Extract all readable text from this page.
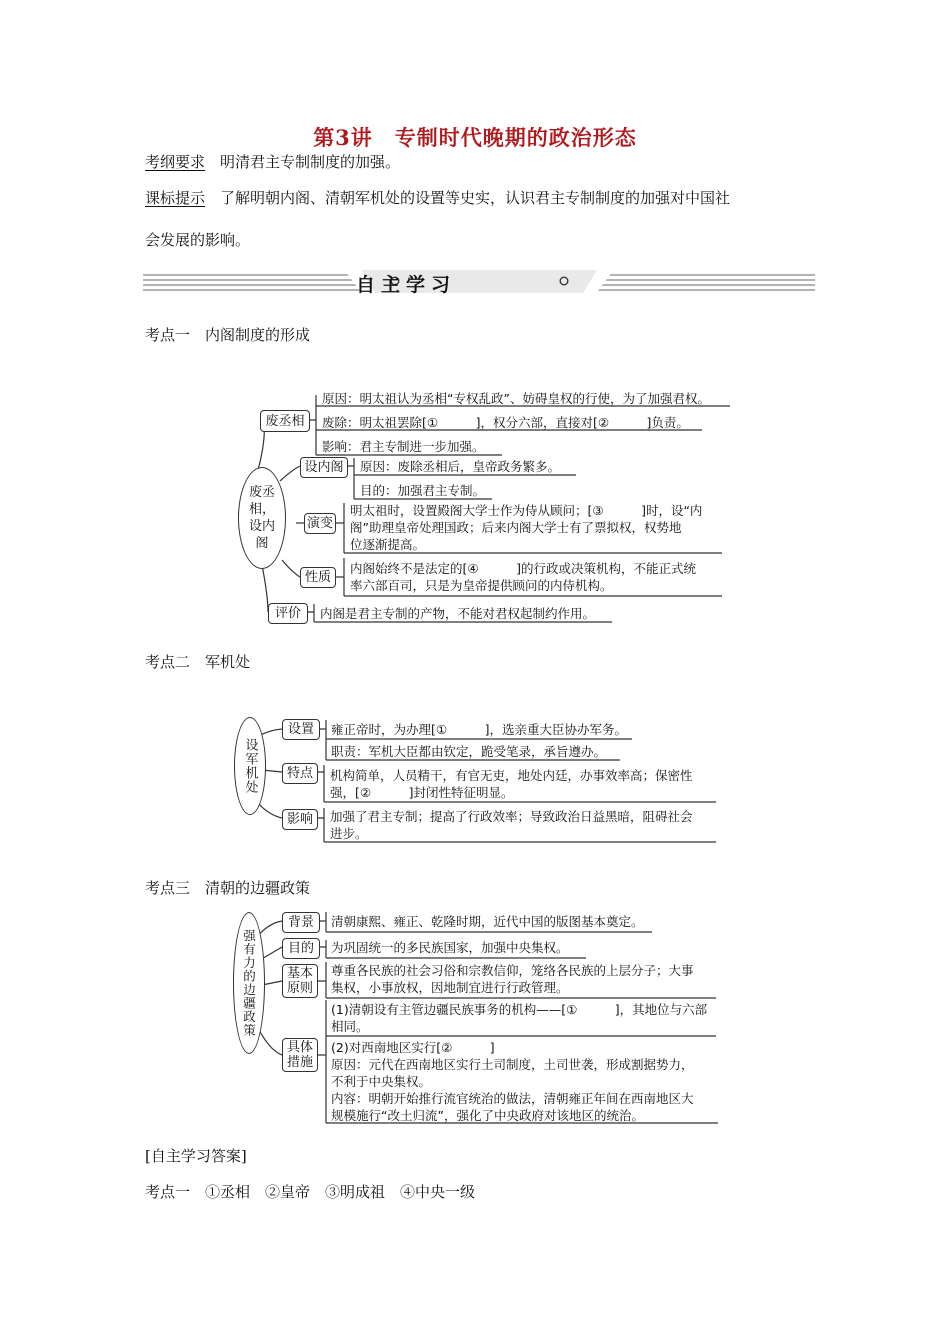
第3讲　专制时代晚期的政治形态
考纲要求　 明清君主专制制度的加强。
课标提示　 了解明朝内阁、清朝军机处的设置等史实，认识君主专制制度的加强对中国社
会发展的影响。
自主学习
考点一　内阁制度的形成
废丞相，设内阁
废丞相
设内阁
演变
性质
评价
原因：明太祖认为丞相“专权乱政”、妨碍皇权的行使，为了加强君权。
废除：明太祖罢除[①　　　]，权分六部，直接对[②　　　]负责。
影响：君主专制进一步加强。
原因：废除丞相后，皇帝政务繁多。
目的：加强君主专制。
明太祖时，设置殿阁大学士作为侍从顾问；[③　　　]时，设“内
阁”助理皇帝处理国政；后来内阁大学士有了票拟权，权势地
位逐渐提高。
内阁始终不是法定的[④　　　]的行政或决策机构，不能正式统
率六部百司，只是为皇帝提供顾问的内侍机构。
内阁是君主专制的产物，不能对君权起制约作用。
考点二　军机处
设军机处
设置
特点
影响
雍正帝时，为办理[①　　　]，选亲重大臣协办军务。
职责：军机大臣都由钦定，跪受笔录，承旨遵办。
机构简单，人员精干，有官无吏，地处内廷，办事效率高；保密性
强，[②　　　]封闭性特征明显。
加强了君主专制；提高了行政效率；导致政治日益黑暗，阻碍社会
进步。
考点三　清朝的边疆政策
强有力的边疆政策
背景
目的
基本原则
具体措施
清朝康熙、雍正、乾隆时期，近代中国的版图基本奠定。
为巩固统一的多民族国家，加强中央集权。
尊重各民族的社会习俗和宗教信仰，笼络各民族的上层分子；大事
集权，小事放权，因地制宜进行行政管理。
(1)清朝设有主管边疆民族事务的机构——[①　　　]，其地位与六部
相同。
(2)对西南地区实行[②　　　]
原因：元代在西南地区实行土司制度，土司世袭，形成割据势力，
不利于中央集权。
内容：明朝开始推行流官统治的做法，清朝雍正年间在西南地区大
规模施行“改土归流”，强化了中央政府对该地区的统治。
[自主学习答案]
考点一　①丞相　②皇帝　③明成祖　④中央一级
